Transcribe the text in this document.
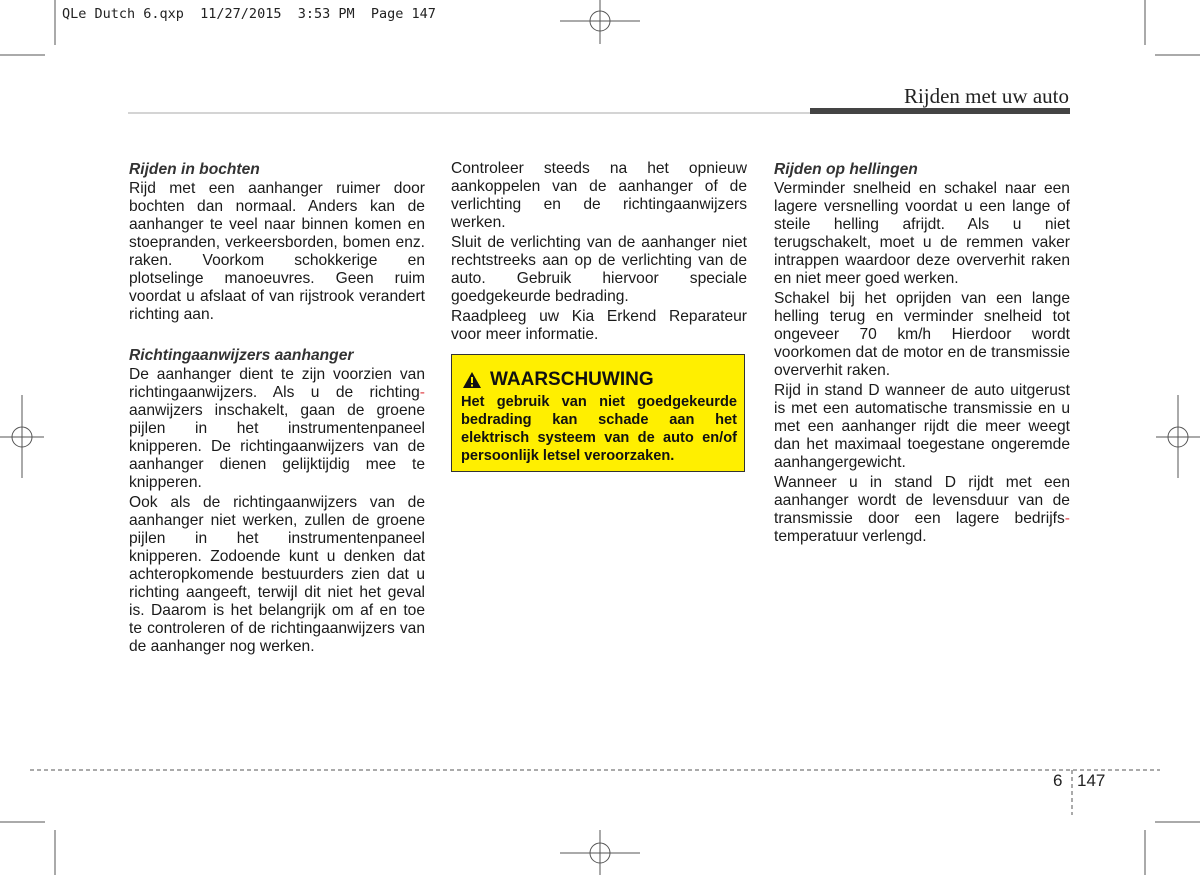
QLe Dutch 6.qxp  11/27/2015  3:53 PM  Page 147
Rijden met uw auto
Rijden in bochten

Rijd met een aanhanger ruimer door bochten dan normaal. Anders kan de aanhanger te veel naar binnen komen en stoepranden, verkeersborden, bomen enz. raken. Voorkom schokkerige en plotselinge manoeuvres. Geen ruim voordat u afslaat of van rijstrook verandert richting aan.

Richtingaanwijzers aanhanger

De aanhanger dient te zijn voorzien van richtingaanwijzers. Als u de richting- aanwijzers inschakelt, gaan de groene pijlen in het instrumentenpaneel knipperen. De richtingaanwijzers van de aanhanger dienen gelijktijdig mee te knipperen.

Ook als de richtingaanwijzers van de aanhanger niet werken, zullen de groene pijlen in het instrumentenpaneel knipperen. Zodoende kunt u denken dat achteropkomende bestuurders zien dat u richting aangeeft, terwijl dit niet het geval is. Daarom is het belangrijk om af en toe te controleren of de richtingaanwijzers van de aanhanger nog werken.

Controleer steeds na het opnieuw aankoppelen van de aanhanger of de verlichting en de richtingaanwijzers werken.

Sluit de verlichting van de aanhanger niet rechtstreeks aan op de verlichting van de auto. Gebruik hiervoor speciale goedgekeurde bedrading.

Raadpleeg uw Kia Erkend Reparateur voor meer informatie.

WAARSCHUWING
Het gebruik van niet goedgekeurde bedrading kan schade aan het elektrisch systeem van de auto en/of persoonlijk letsel veroorzaken.
Rijden op hellingen

Verminder snelheid en schakel naar een lagere versnelling voordat u een lange of steile helling afrijdt. Als u niet terugschakelt, moet u de remmen vaker intrappen waardoor deze oververhit raken en niet meer goed werken.

Schakel bij het oprijden van een lange helling terug en verminder snelheid tot ongeveer 70 km/h Hierdoor wordt voorkomen dat de motor en de transmissie oververhit raken.

Rijd in stand D wanneer de auto uitgerust is met een automatische transmissie en u met een aanhanger rijdt die meer weegt dan het maximaal toegestane ongeremde aanhangergewicht.

Wanneer u in stand D rijdt met een aanhanger wordt de levensduur van de transmissie door een lagere bedrijfs- temperatuur verlengd.

6 147
